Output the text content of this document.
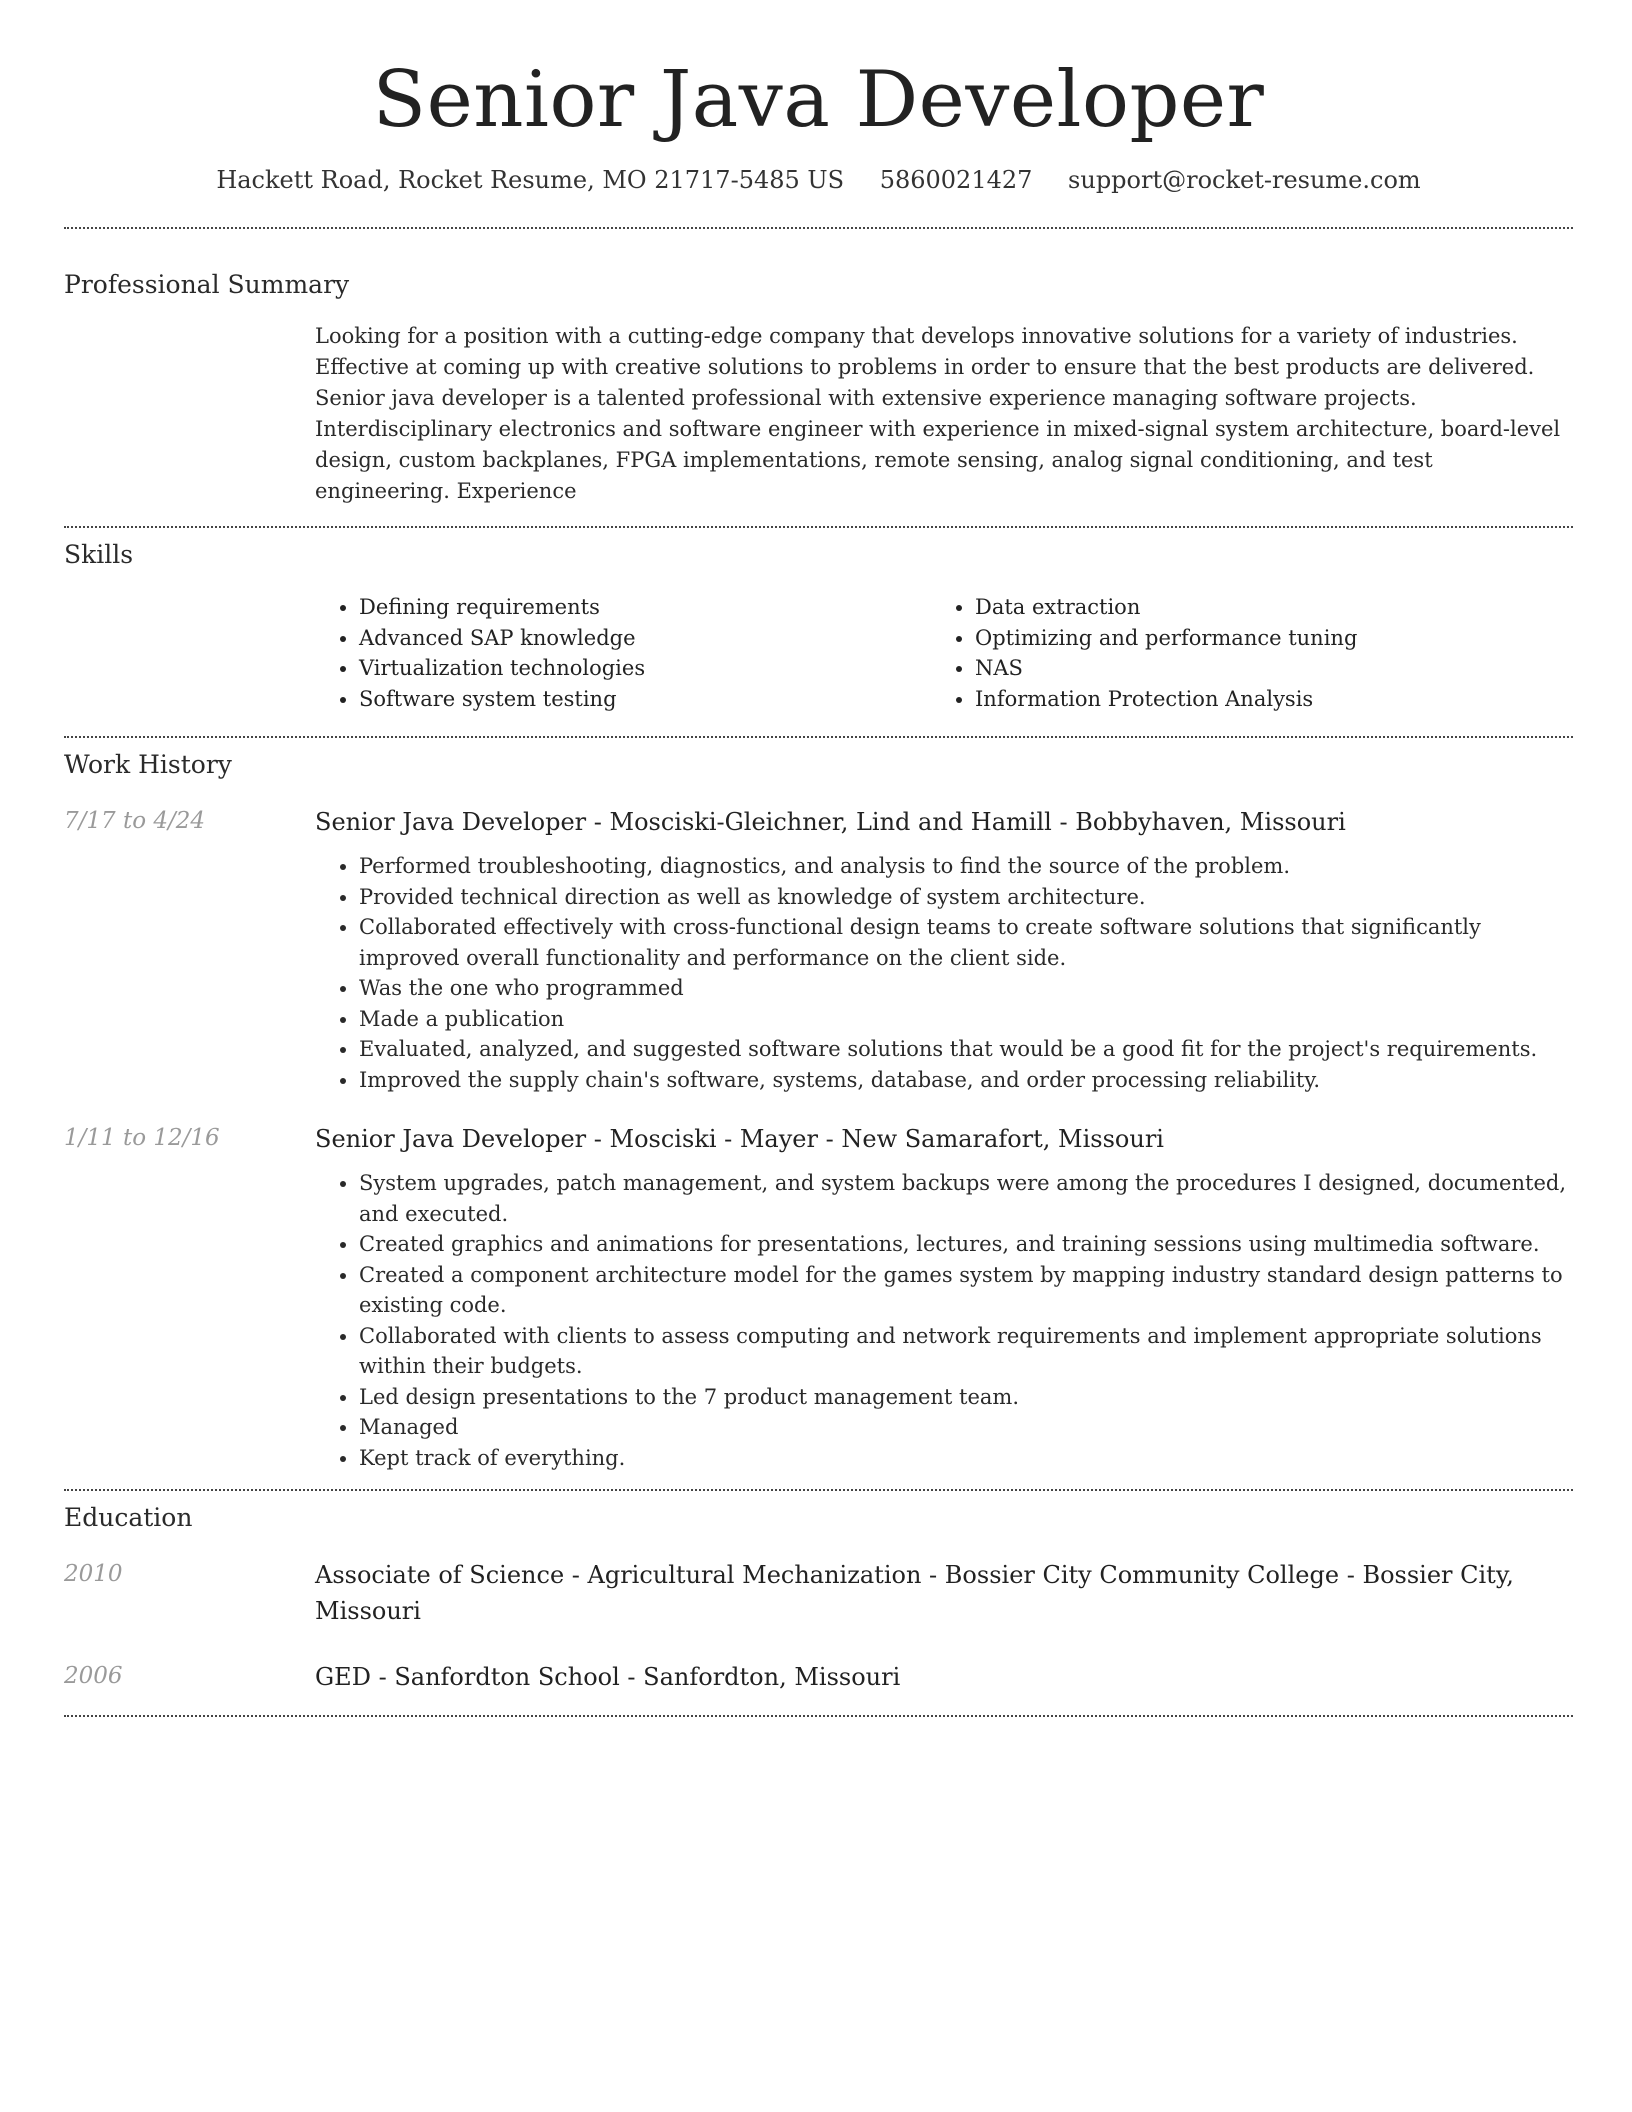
Senior Java Developer
Hackett Road, Rocket Resume, MO 21717-5485 US 5860021427 support@rocket-resume.com
Professional Summary

Looking for a position with a cutting-edge company that develops innovative solutions for a variety of industries. Effective at coming up with creative solutions to problems in order to ensure that the best products are delivered. Senior java developer is a talented professional with extensive experience managing software projects. Interdisciplinary electronics and software engineer with experience in mixed-signal system architecture, board-level design, custom backplanes, FPGA implementations, remote sensing, analog signal conditioning, and test engineering. Experience

Skills
• Defining requirements
• Advanced SAP knowledge
• Virtualization technologies
• Software system testing
• Data extraction
• Optimizing and performance tuning
• NAS
• Information Protection Analysis
Work History
7/17 to 4/24	Senior Java Developer - Mosciski-Gleichner, Lind and Hamill - Bobbyhaven, Missouri
• Performed troubleshooting, diagnostics, and analysis to find the source of the problem.
• Provided technical direction as well as knowledge of system architecture.
• Collaborated effectively with cross-functional design teams to create software solutions that significantly improved overall functionality and performance on the client side.
• Was the one who programmed
• Made a publication
• Evaluated, analyzed, and suggested software solutions that would be a good fit for the project's requirements.
• Improved the supply chain's software, systems, database, and order processing reliability.
1/11 to 12/16	Senior Java Developer - Mosciski - Mayer - New Samarafort, Missouri
• System upgrades, patch management, and system backups were among the procedures I designed, documented, and executed.
• Created graphics and animations for presentations, lectures, and training sessions using multimedia software.
• Created a component architecture model for the games system by mapping industry standard design patterns to existing code.
• Collaborated with clients to assess computing and network requirements and implement appropriate solutions within their budgets.
• Led design presentations to the 7 product management team.
• Managed
• Kept track of everything.
Education
2010	Associate of Science - Agricultural Mechanization - Bossier City Community College - Bossier City, Missouri
2006	GED - Sanfordton School - Sanfordton, Missouri
